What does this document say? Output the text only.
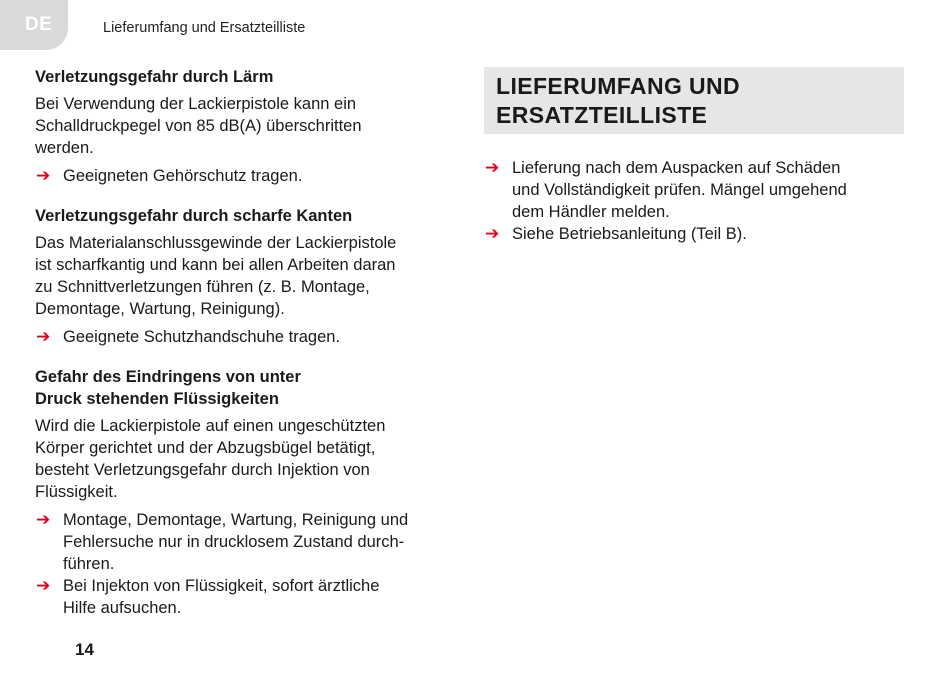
DE	Lieferumfang und Ersatzteilliste
Verletzungsgefahr durch Lärm
Bei Verwendung der Lackierpistole kann ein
Schalldruckpegel von 85 dB(A) überschritten
werden.
➔ Geeigneten Gehörschutz tragen.
Verletzungsgefahr durch scharfe Kanten
Das Materialanschlussgewinde der Lackierpistole
ist scharfkantig und kann bei allen Arbeiten daran
zu Schnittverletzungen führen (z. B. Montage,
Demontage, Wartung, Reinigung).
➔ Geeignete Schutzhandschuhe tragen.
Gefahr des Eindringens von unter
Druck stehenden Flüssigkeiten
Wird die Lackierpistole auf einen ungeschützten
Körper gerichtet und der Abzugsbügel betätigt,
besteht Verletzungsgefahr durch Injektion von
Flüssigkeit.
➔ Montage, Demontage, Wartung, Reinigung und
Fehlersuche nur in drucklosem Zustand durch-
führen.
➔ Bei Injekton von Flüssigkeit, sofort ärztliche
Hilfe aufsuchen.
LIEFERUMFANG UND
ERSATZTEILLISTE
➔ Lieferung nach dem Auspacken auf Schäden
und Vollständigkeit prüfen. Mängel umgehend
dem Händler melden.
➔ Siehe Betriebsanleitung (Teil B).
14
